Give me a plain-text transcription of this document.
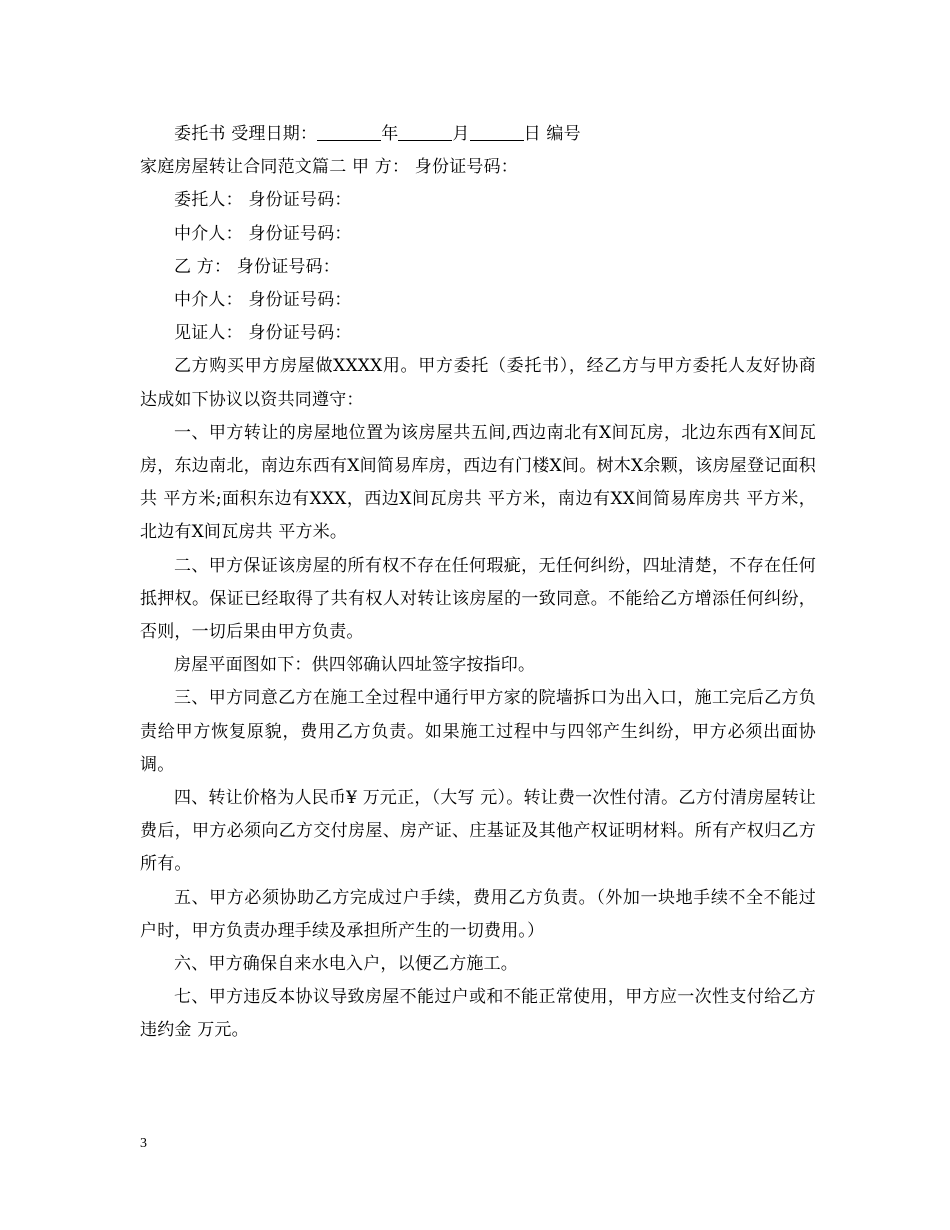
委托书 受理日期：	年	月	日 编号
家庭房屋转让合同范文篇二 甲 方： 身份证号码：
委托人： 身份证号码：
中介人： 身份证号码：
乙 方： 身份证号码：
中介人： 身份证号码：
见证人： 身份证号码：
乙方购买甲方房屋做XXXX用。甲方委托（委托书），经乙方与甲方委托人友好协商达成如下协议以资共同遵守：
一、甲方转让的房屋地位置为该房屋共五间,西边南北有X间瓦房，北边东西有X间瓦房，东边南北，南边东西有X间简易库房，西边有门楼X间。树木X余颗，该房屋登记面积共 平方米;面积东边有XXX，西边X间瓦房共 平方米，南边有XX间简易库房共 平方米，北边有X间瓦房共 平方米。
二、甲方保证该房屋的所有权不存在任何瑕疵，无任何纠纷，四址清楚，不存在任何抵押权。保证已经取得了共有权人对转让该房屋的一致同意。不能给乙方增添任何纠纷，否则，一切后果由甲方负责。
房屋平面图如下：供四邻确认四址签字按指印。
三、甲方同意乙方在施工全过程中通行甲方家的院墙拆口为出入口，施工完后乙方负责给甲方恢复原貌，费用乙方负责。如果施工过程中与四邻产生纠纷，甲方必须出面协调。
四、转让价格为人民币¥ 万元正，（大写 元）。转让费一次性付清。乙方付清房屋转让费后，甲方必须向乙方交付房屋、房产证、庄基证及其他产权证明材料。所有产权归乙方所有。
五、甲方必须协助乙方完成过户手续，费用乙方负责。（外加一块地手续不全不能过户时，甲方负责办理手续及承担所产生的一切费用。）
六、甲方确保自来水电入户，以便乙方施工。
七、甲方违反本协议导致房屋不能过户或和不能正常使用，甲方应一次性支付给乙方违约金 万元。
3
